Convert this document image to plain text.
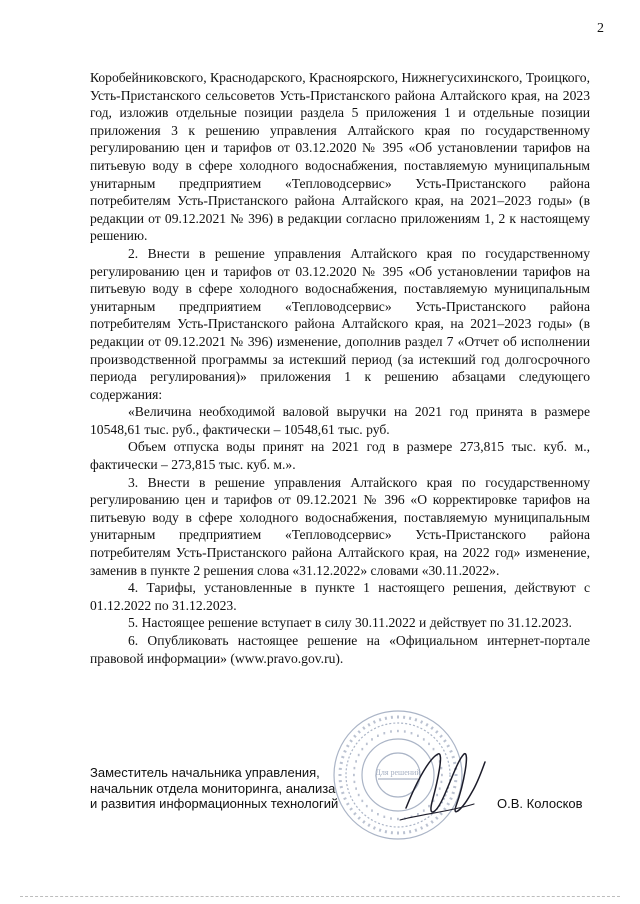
2

Коробейниковского, Краснодарского, Красноярского, Нижнегусихинского, Троицкого, Усть-Пристанского сельсоветов Усть-Пристанского района Алтайского края, на 2023 год, изложив отдельные позиции раздела 5 приложения 1 и отдельные позиции приложения 3 к решению управления Алтайского края по государственному регулированию цен и тарифов от 03.12.2020 № 395 «Об установлении тарифов на питьевую воду в сфере холодного водоснабжения, поставляемую муниципальным унитарным предприятием «Тепловодсервис» Усть-Пристанского района потребителям Усть-Пристанского района Алтайского края, на 2021–2023 годы» (в редакции от 09.12.2021 № 396) в редакции согласно приложениям 1, 2 к настоящему решению.

2. Внести в решение управления Алтайского края по государственному регулированию цен и тарифов от 03.12.2020 № 395 «Об установлении тарифов на питьевую воду в сфере холодного водоснабжения, поставляемую муниципальным унитарным предприятием «Тепловодсервис» Усть-Пристанского района потребителям Усть-Пристанского района Алтайского края, на 2021–2023 годы» (в редакции от 09.12.2021 № 396) изменение, дополнив раздел 7 «Отчет об исполнении производственной программы за истекший период (за истекший год долгосрочного периода регулирования)» приложения 1 к решению абзацами следующего содержания:

«Величина необходимой валовой выручки на 2021 год принята в размере 10548,61 тыс. руб., фактически – 10548,61 тыс. руб.

Объем отпуска воды принят на 2021 год в размере 273,815 тыс. куб. м., фактически – 273,815 тыс. куб. м.».

3. Внести в решение управления Алтайского края по государственному регулированию цен и тарифов от 09.12.2021 № 396 «О корректировке тарифов на питьевую воду в сфере холодного водоснабжения, поставляемую муниципальным унитарным предприятием «Тепловодсервис» Усть-Пристанского района потребителям Усть-Пристанского района Алтайского края, на 2022 год» изменение, заменив в пункте 2 решения слова «31.12.2022» словами «30.11.2022».

4. Тарифы, установленные в пункте 1 настоящего решения, действуют с 01.12.2022 по 31.12.2023.

5. Настоящее решение вступает в силу 30.11.2022 и действует по 31.12.2023.

6. Опубликовать настоящее решение на «Официальном интернет-портале правовой информации» (www.pravo.gov.ru).

Для решений
Заместитель начальника управления,
начальник отдела мониторинга, анализа
и развития информационных технологий	О.В. Колосков
